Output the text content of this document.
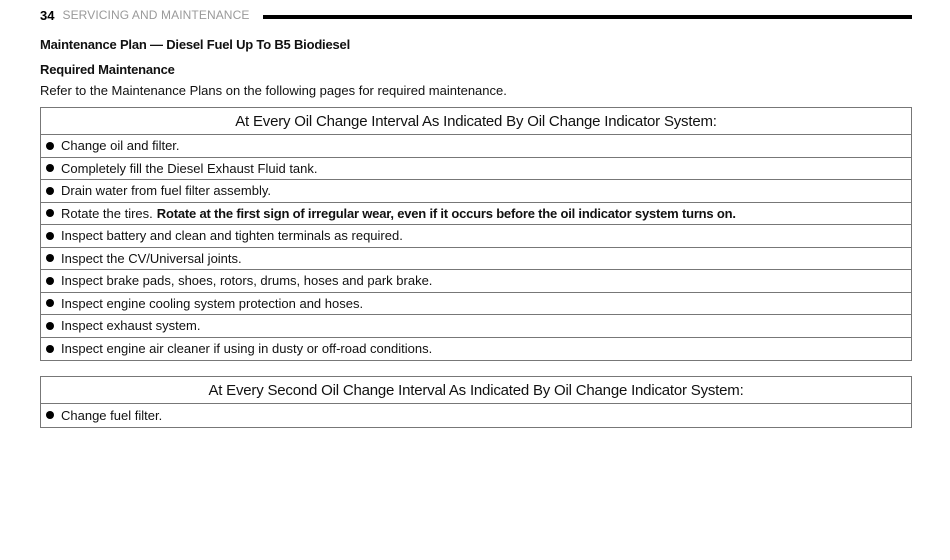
34 SERVICING AND MAINTENANCE
Maintenance Plan — Diesel Fuel Up To B5 Biodiesel
Required Maintenance
Refer to the Maintenance Plans on the following pages for required maintenance.
At Every Oil Change Interval As Indicated By Oil Change Indicator System:
Change oil and filter.
Completely fill the Diesel Exhaust Fluid tank.
Drain water from fuel filter assembly.
Rotate the tires. Rotate at the first sign of irregular wear, even if it occurs before the oil indicator system turns on.
Inspect battery and clean and tighten terminals as required.
Inspect the CV/Universal joints.
Inspect brake pads, shoes, rotors, drums, hoses and park brake.
Inspect engine cooling system protection and hoses.
Inspect exhaust system.
Inspect engine air cleaner if using in dusty or off-road conditions.
At Every Second Oil Change Interval As Indicated By Oil Change Indicator System:
Change fuel filter.
